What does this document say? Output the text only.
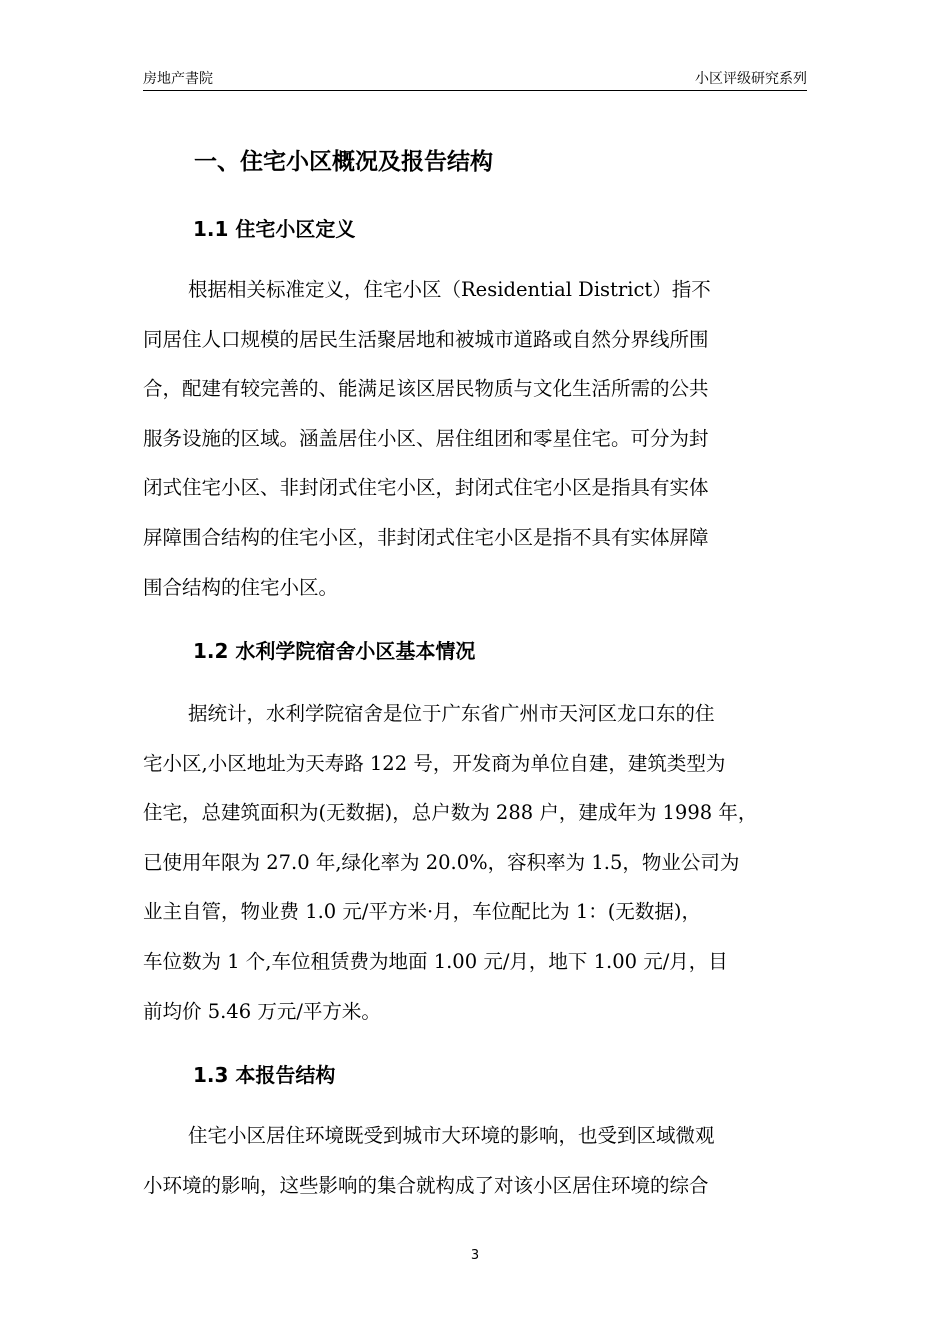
房地产書院	小区评级研究系列
一、住宅小区概况及报告结构
1.1 住宅小区定义
根据相关标准定义，住宅小区（Residential District）指不
同居住人口规模的居民生活聚居地和被城市道路或自然分界线所围
合，配建有较完善的、能满足该区居民物质与文化生活所需的公共
服务设施的区域。涵盖居住小区、居住组团和零星住宅。可分为封
闭式住宅小区、非封闭式住宅小区，封闭式住宅小区是指具有实体
屏障围合结构的住宅小区，非封闭式住宅小区是指不具有实体屏障
围合结构的住宅小区。
1.2 水利学院宿舍小区基本情况
据统计，水利学院宿舍是位于广东省广州市天河区龙口东的住
宅小区,小区地址为天寿路 122 号，开发商为单位自建，建筑类型为
住宅，总建筑面积为(无数据)，总户数为 288 户，建成年为 1998 年，
已使用年限为 27.0 年,绿化率为 20.0%，容积率为 1.5，物业公司为
业主自管，物业费 1.0 元/平方米·月，车位配比为 1：(无数据)，
车位数为 1 个,车位租赁费为地面 1.00 元/月，地下 1.00 元/月，目
前均价 5.46 万元/平方米。
1.3 本报告结构
住宅小区居住环境既受到城市大环境的影响，也受到区域微观
小环境的影响，这些影响的集合就构成了对该小区居住环境的综合
3
